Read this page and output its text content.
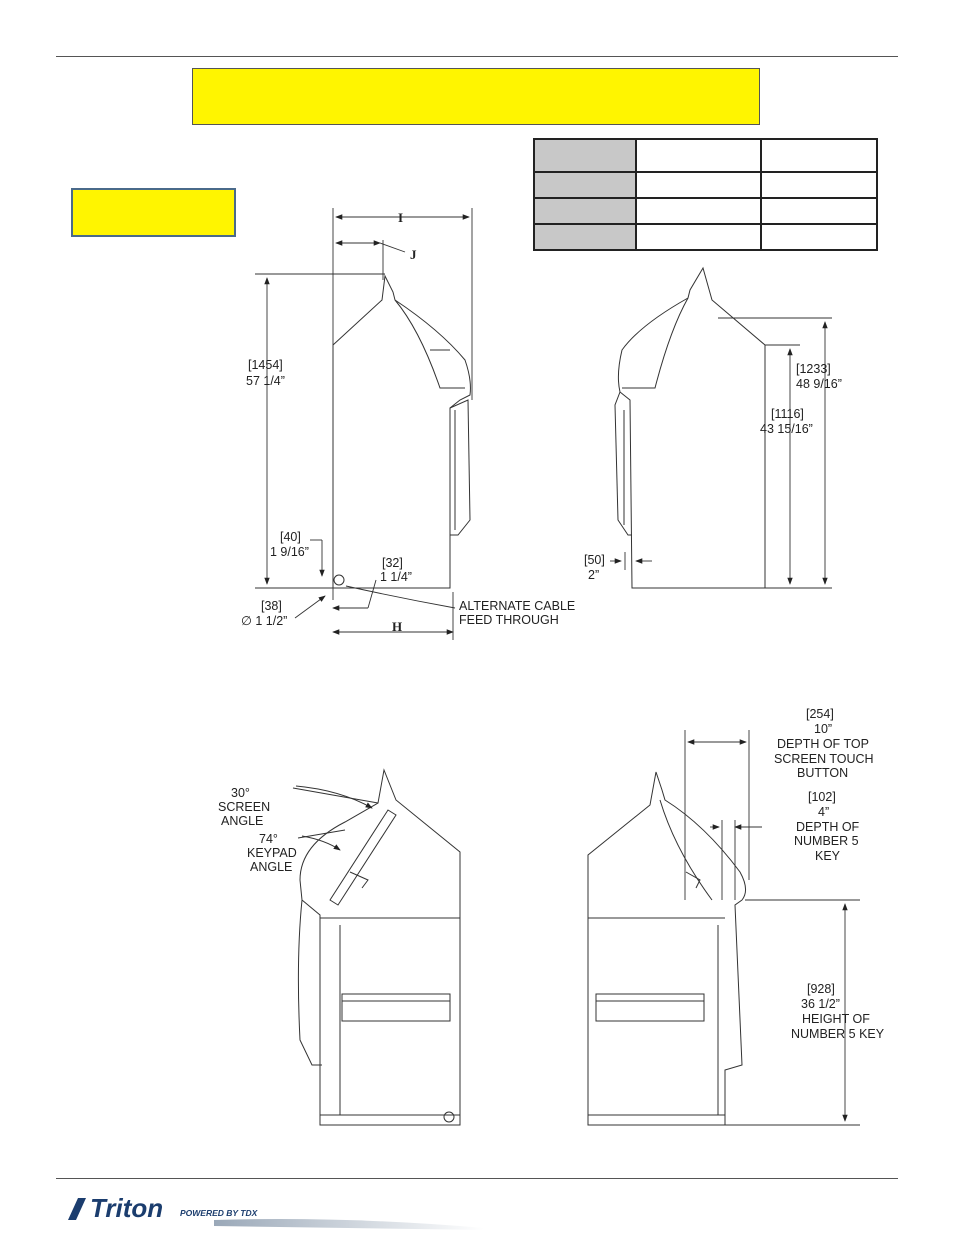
I
J
H
[1454]
57 1/4”
[40]
1 9/16”
[32]
1 1/4”
[38]
∅ 1 1/2”
ALTERNATE CABLE
FEED THROUGH
[1233]
48 9/16”
[1116]
43 15/16”
[50]
2”
30°
SCREEN
ANGLE
74°
KEYPAD
ANGLE
[254]
10”
DEPTH OF TOP
SCREEN TOUCH
BUTTON
[102]
4”
DEPTH OF
NUMBER 5
KEY
[928]
36 1/2”
HEIGHT OF
NUMBER 5 KEY
Triton POWERED BY TDX
